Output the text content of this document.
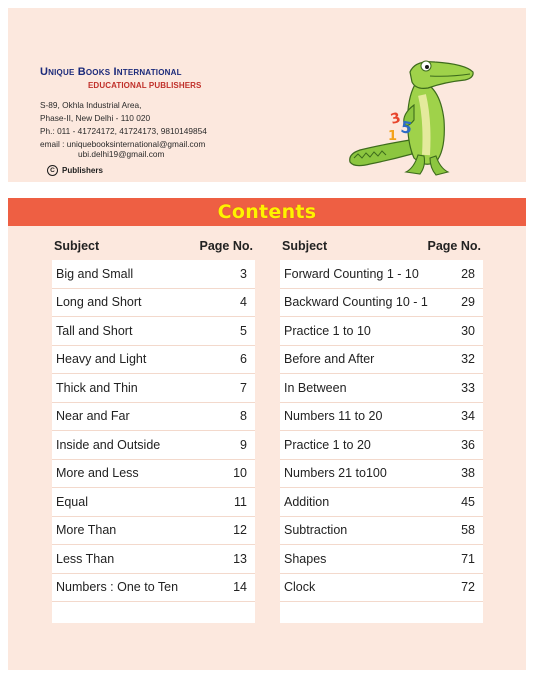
Unique Books International
EDUCATIONAL PUBLISHERS
S-89, Okhla Industrial Area,
Phase-II, New Delhi - 110 020
Ph.: 011 - 41724172, 41724173, 9810149854
email : uniquebooksinternational@gmail.com
ubi.delhi19@gmail.com
C Publishers
3
5
1
Contents
Subject	Page No.
Big and Small	3
Long and Short	4
Tall and Short	5
Heavy and Light	6
Thick and Thin	7
Near and Far	8
Inside and Outside	9
More and Less	10
Equal	11
More Than	12
Less Than	13
Numbers : One to Ten	14
Subject	Page No.
Forward Counting 1 - 10	28
Backward Counting 10 - 1	29
Practice 1 to 10	30
Before and After	32
In Between	33
Numbers 11 to 20	34
Practice 1 to 20	36
Numbers 21 to100	38
Addition	45
Subtraction	58
Shapes	71
Clock	72
